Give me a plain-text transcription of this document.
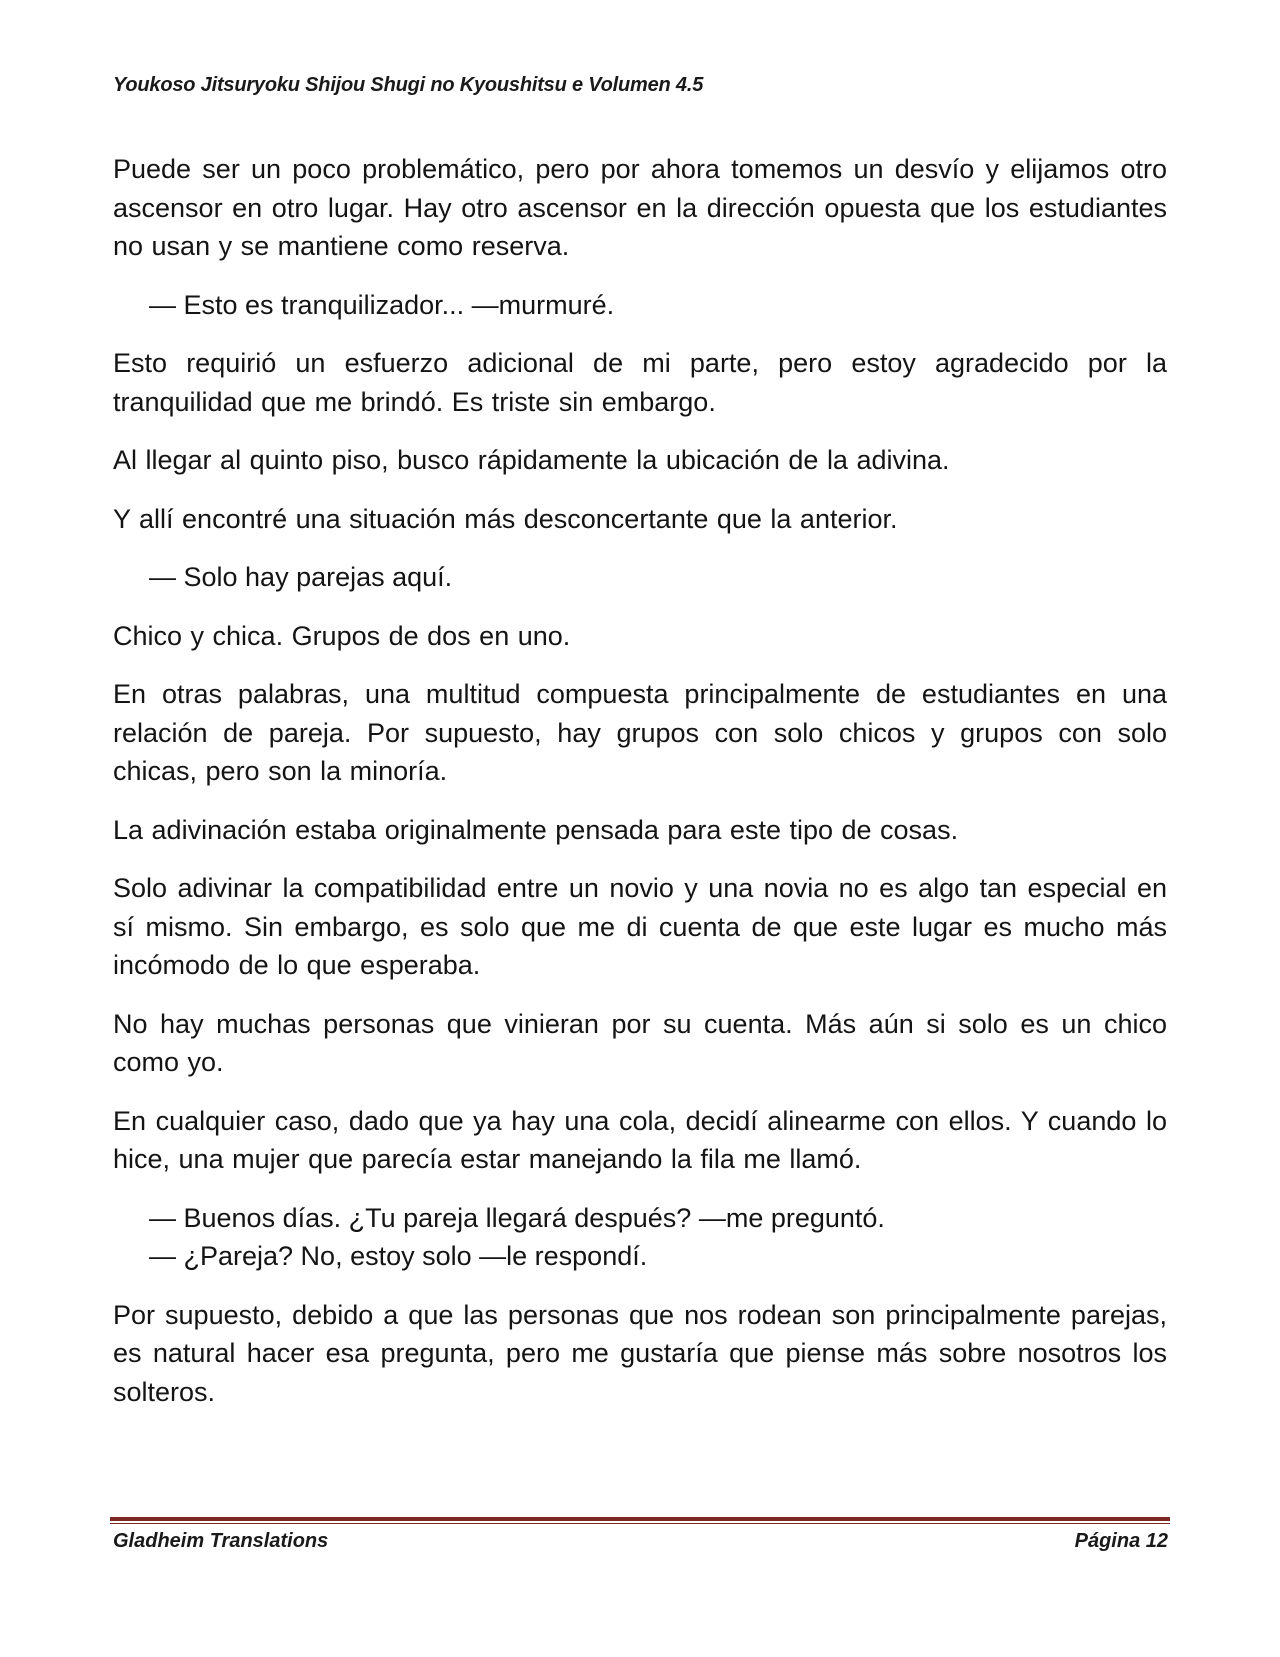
Youkoso Jitsuryoku Shijou Shugi no Kyoushitsu e Volumen 4.5

Puede ser un poco problemático, pero por ahora tomemos un desvío y elijamos otro ascensor en otro lugar. Hay otro ascensor en la dirección opuesta que los estudiantes no usan y se mantiene como reserva.

— Esto es tranquilizador... —murmuré.

Esto requirió un esfuerzo adicional de mi parte, pero estoy agradecido por la tranquilidad que me brindó. Es triste sin embargo.

Al llegar al quinto piso, busco rápidamente la ubicación de la adivina.

Y allí encontré una situación más desconcertante que la anterior.

— Solo hay parejas aquí.

Chico y chica. Grupos de dos en uno.

En otras palabras, una multitud compuesta principalmente de estudiantes en una relación de pareja. Por supuesto, hay grupos con solo chicos y grupos con solo chicas, pero son la minoría.

La adivinación estaba originalmente pensada para este tipo de cosas.

Solo adivinar la compatibilidad entre un novio y una novia no es algo tan especial en sí mismo. Sin embargo, es solo que me di cuenta de que este lugar es mucho más incómodo de lo que esperaba.

No hay muchas personas que vinieran por su cuenta. Más aún si solo es un chico como yo.

En cualquier caso, dado que ya hay una cola, decidí alinearme con ellos. Y cuando lo hice, una mujer que parecía estar manejando la fila me llamó.

— Buenos días. ¿Tu pareja llegará después? —me preguntó.
— ¿Pareja? No, estoy solo —le respondí.

Por supuesto, debido a que las personas que nos rodean son principalmente parejas, es natural hacer esa pregunta, pero me gustaría que piense más sobre nosotros los solteros.

Gladheim Translations	Página 12
